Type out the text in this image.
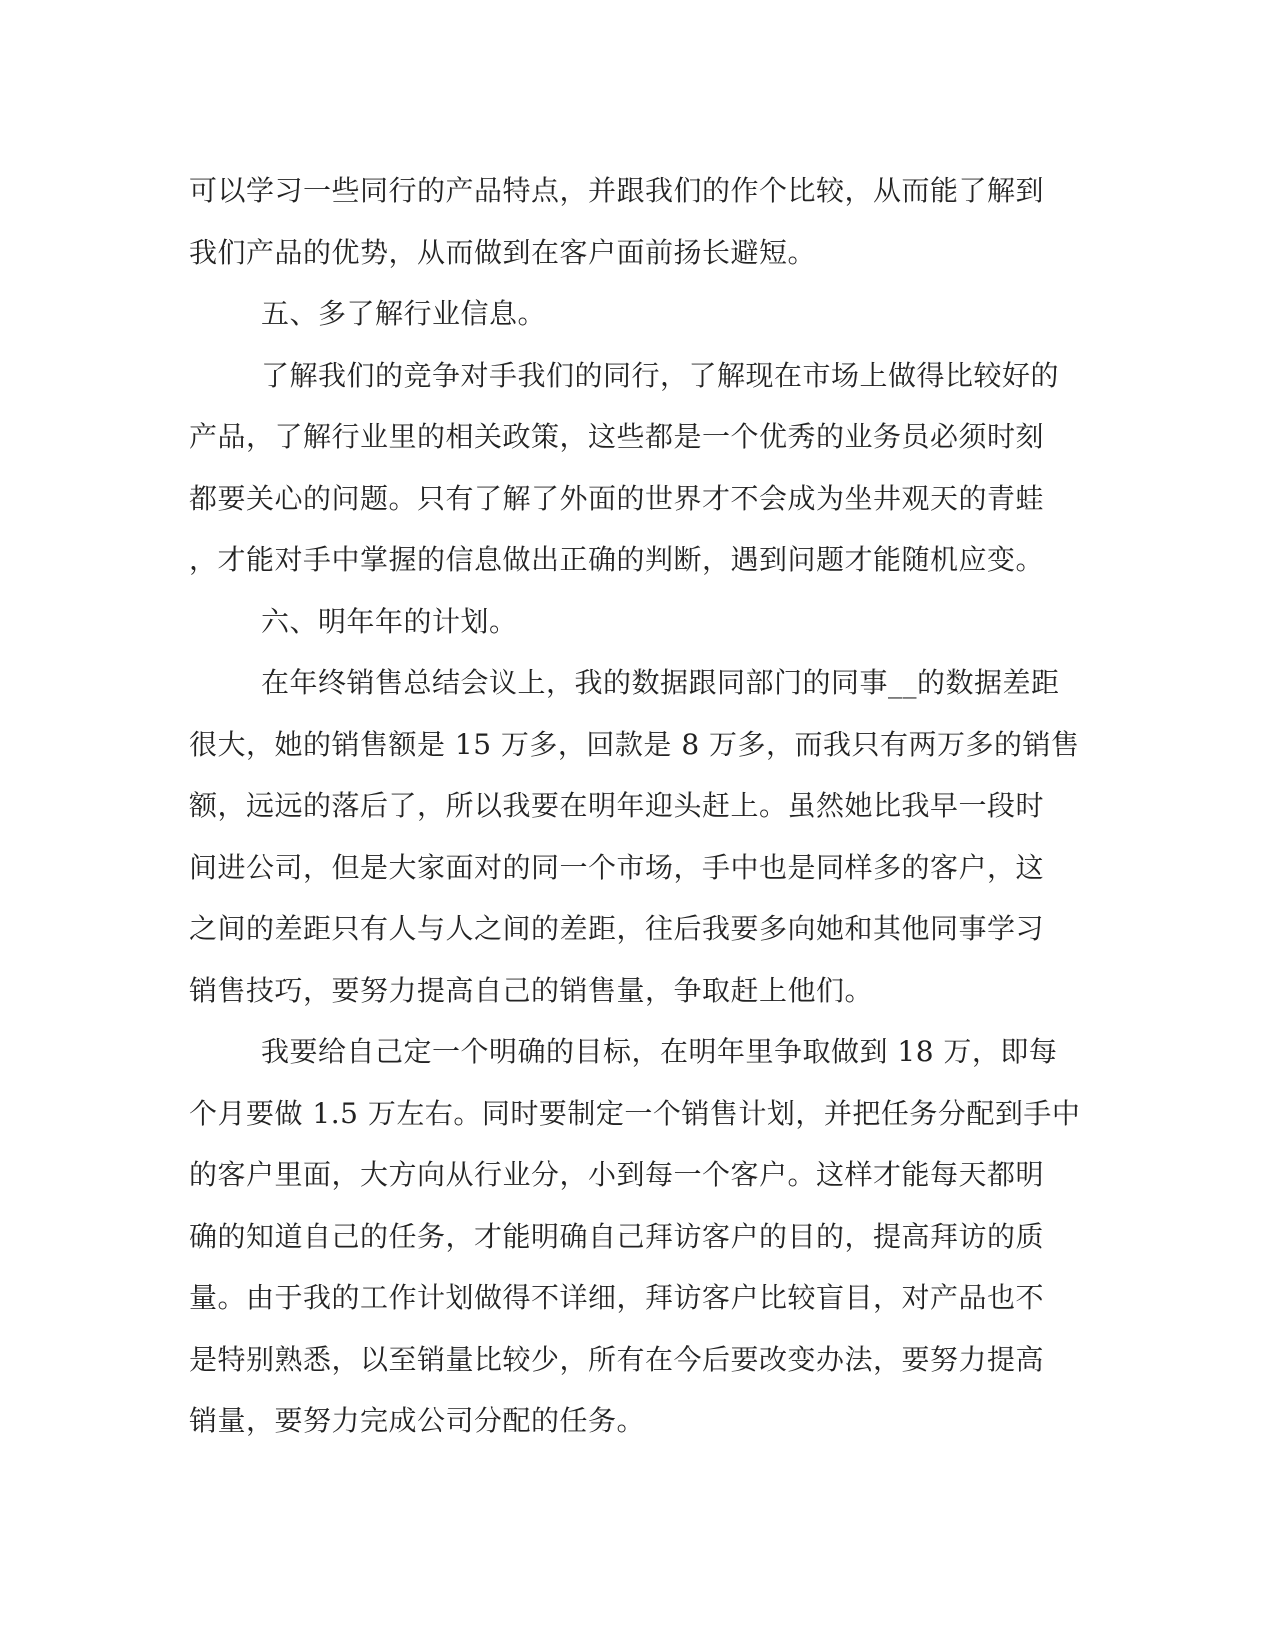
可以学习一些同行的产品特点，并跟我们的作个比较，从而能了解到
我们产品的优势，从而做到在客户面前扬长避短。
五、多了解行业信息。
了解我们的竞争对手我们的同行，了解现在市场上做得比较好的
产品，了解行业里的相关政策，这些都是一个优秀的业务员必须时刻
都要关心的问题。只有了解了外面的世界才不会成为坐井观天的青蛙
，才能对手中掌握的信息做出正确的判断，遇到问题才能随机应变。
六、明年年的计划。
在年终销售总结会议上，我的数据跟同部门的同事__的数据差距
很大，她的销售额是 15 万多，回款是 8 万多，而我只有两万多的销售
额，远远的落后了，所以我要在明年迎头赶上。虽然她比我早一段时
间进公司，但是大家面对的同一个市场，手中也是同样多的客户，这
之间的差距只有人与人之间的差距，往后我要多向她和其他同事学习
销售技巧，要努力提高自己的销售量，争取赶上他们。
我要给自己定一个明确的目标，在明年里争取做到 18 万，即每
个月要做 1.5 万左右。同时要制定一个销售计划，并把任务分配到手中
的客户里面，大方向从行业分，小到每一个客户。这样才能每天都明
确的知道自己的任务，才能明确自己拜访客户的目的，提高拜访的质
量。由于我的工作计划做得不详细，拜访客户比较盲目，对产品也不
是特别熟悉，以至销量比较少，所有在今后要改变办法，要努力提高
销量，要努力完成公司分配的任务。
